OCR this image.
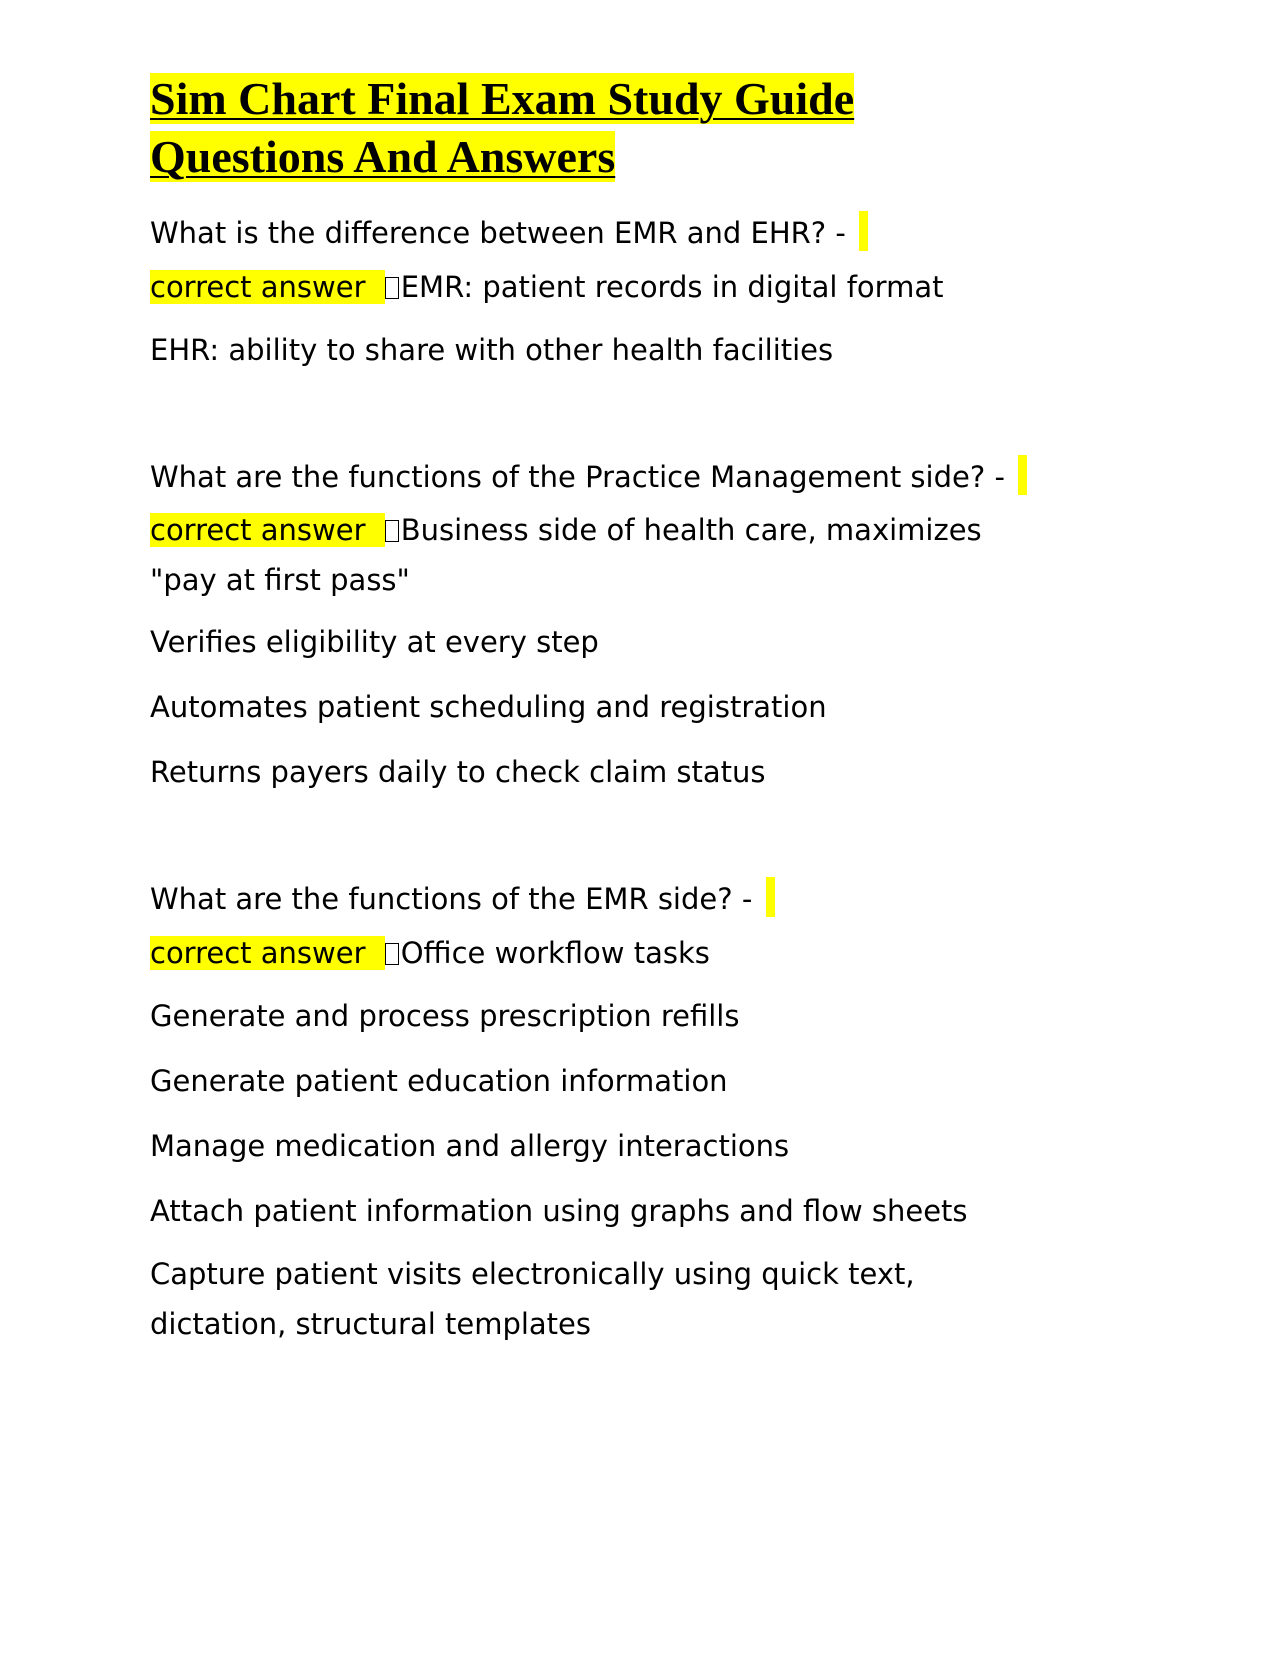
Sim Chart Final Exam Study Guide
Questions And Answers

What is the difference between EMR and EHR? -

correct answer EMR: patient records in digital format

EHR: ability to share with other health facilities

What are the functions of the Practice Management side? -

correct answer Business side of health care, maximizes "pay at first pass"

Verifies eligibility at every step

Automates patient scheduling and registration

Returns payers daily to check claim status

What are the functions of the EMR side? -

correct answer Office workflow tasks

Generate and process prescription refills

Generate patient education information

Manage medication and allergy interactions

Attach patient information using graphs and flow sheets

Capture patient visits electronically using quick text, dictation, structural templates
